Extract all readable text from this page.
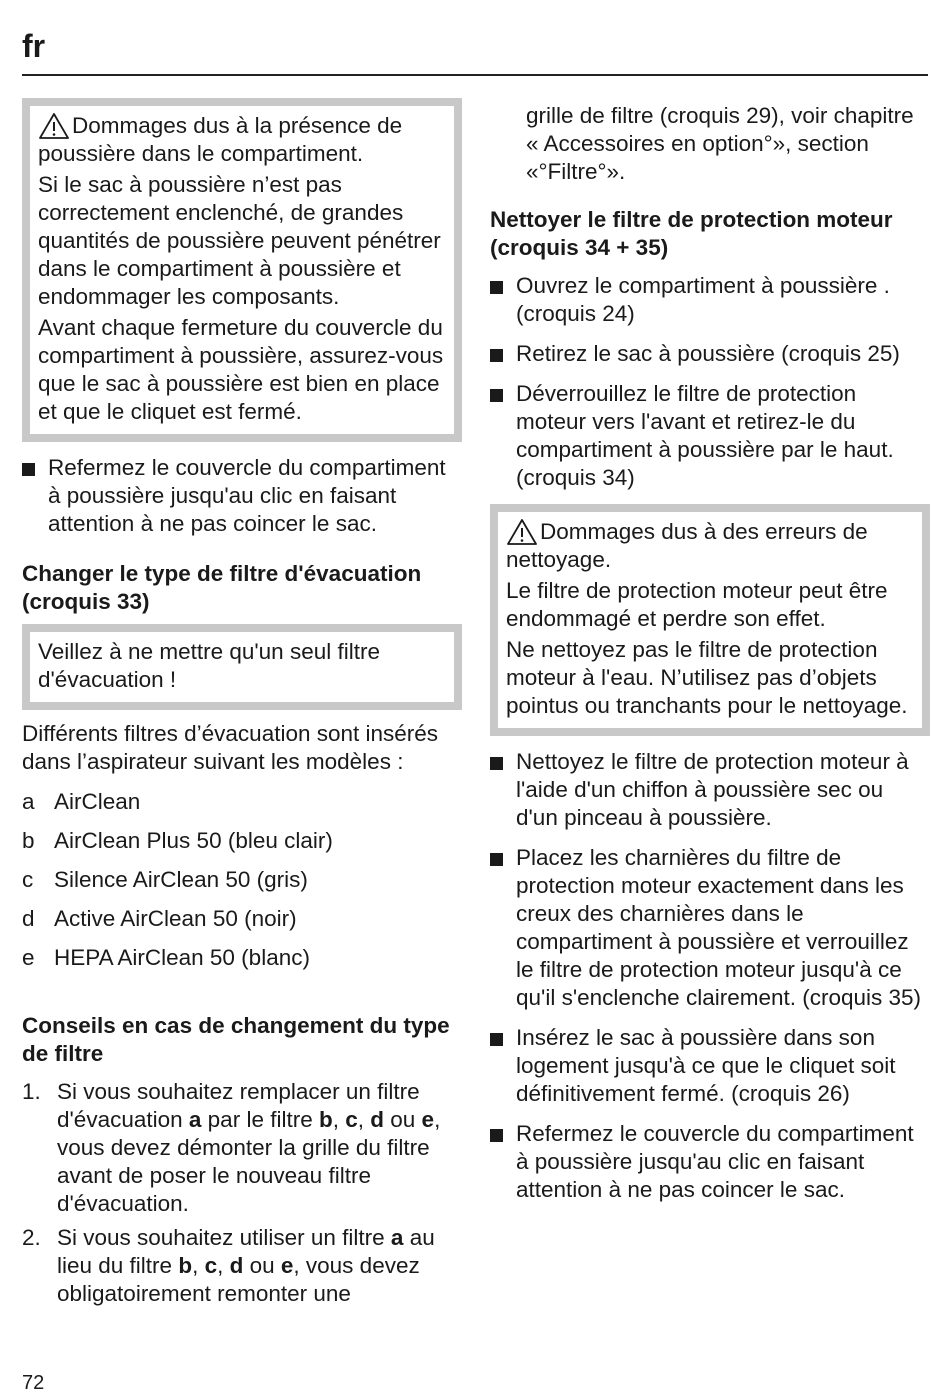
fr

Dommages dus à la présence de poussière dans le compartiment.

Si le sac à poussière n’est pas correctement enclenché, de grandes quantités de poussière peuvent pénétrer dans le compartiment à poussière et endommager les composants.

Avant chaque fermeture du couvercle du compartiment à poussière, assurez-vous que le sac à poussière est bien en place et que le cliquet est fermé.

Refermez le couvercle du compartiment à poussière jusqu'au clic en faisant attention à ne pas coincer le sac.
Changer le type de filtre d'évacuation (croquis 33)

Veillez à ne mettre qu'un seul filtre d'évacuation !

Différents filtres d’évacuation sont insérés dans l’aspirateur suivant les modèles :
a AirClean
b AirClean Plus 50 (bleu clair)
c Silence AirClean 50 (gris)
d Active AirClean 50 (noir)
e HEPA AirClean 50 (blanc)
Conseils en cas de changement du type de filtre
1. Si vous souhaitez remplacer un filtre d'évacuation a par le filtre b, c, d ou e, vous devez démonter la grille du filtre avant de poser le nouveau filtre d'évacuation.
2. Si vous souhaitez utiliser un filtre a au lieu du filtre b, c, d ou e, vous devez obligatoirement remonter une
grille de filtre (croquis 29), voir chapitre « Accessoires en option°», section «°Filtre°».
Nettoyer le filtre de protection moteur (croquis 34 + 35)
Ouvrez le compartiment à poussière . (croquis 24)
Retirez le sac à poussière (croquis 25)
Déverrouillez le filtre de protection moteur vers l'avant et retirez-le du compartiment à poussière par le haut. (croquis 34)

Dommages dus à des erreurs de nettoyage.

Le filtre de protection moteur peut être endommagé et perdre son effet.

Ne nettoyez pas le filtre de protection moteur à l'eau. N’utilisez pas d’objets pointus ou tranchants pour le nettoyage.

Nettoyez le filtre de protection moteur à l'aide d'un chiffon à poussière sec ou d'un pinceau à poussière.
Placez les charnières du filtre de protection moteur exactement dans les creux des charnières dans le compartiment à poussière et verrouillez le filtre de protection moteur jusqu'à ce qu'il s'enclenche clairement. (croquis 35)
Insérez le sac à poussière dans son logement jusqu'à ce que le cliquet soit définitivement fermé. (croquis 26)
Refermez le couvercle du compartiment à poussière jusqu'au clic en faisant attention à ne pas coincer le sac.
72
